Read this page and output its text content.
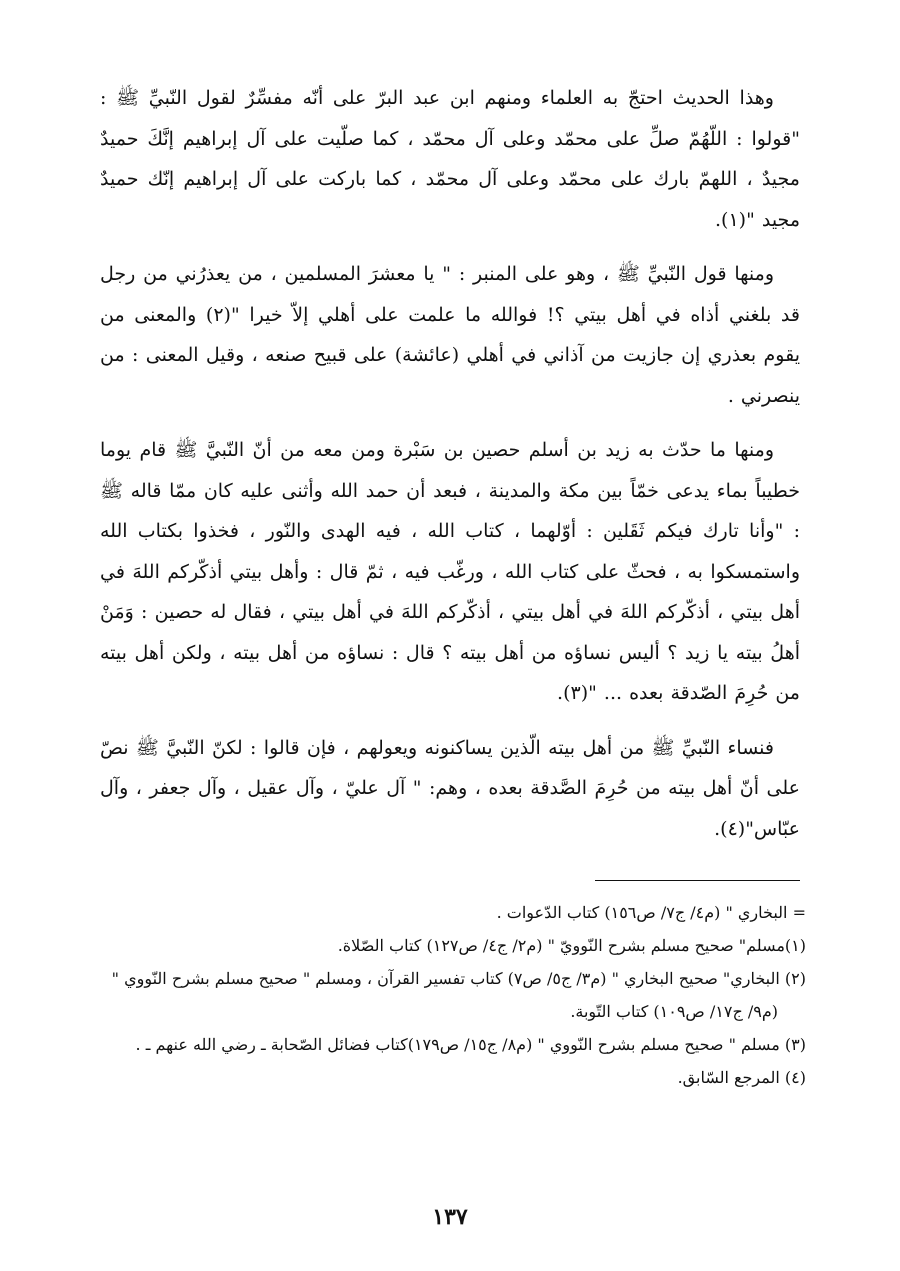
وهذا الحديث احتجّ به العلماء ومنهم ابن عبد البرّ على أنّه مفسِّرٌ لقول النّبيِّ ﷺ : "قولوا : اللّهُمّ صلِّ على محمّد وعلى آل محمّد ، كما صلّيت على آل إبراهيم إنَّكَ حميدٌ مجيدٌ ، اللهمّ بارك على محمّد وعلى آل محمّد ، كما باركت على آل إبراهيم إنّك حميدٌ مجيد "(١).

ومنها قول النّبيِّ ﷺ ، وهو على المنبر : " يا معشرَ المسلمين ، من يعذرُني من رجل قد بلغني أذاه في أهل بيتي ؟! فوالله ما علمت على أهلي إلاّ خيرا "(٢) والمعنى من يقوم بعذري إن جازيت من آذاني في أهلي (عائشة) على قبيح صنعه ، وقيل المعنى : من ينصرني .

ومنها ما حدّث به زيد بن أسلم حصين بن سَبْرة ومن معه من أنّ النّبيَّ ﷺ قام يوما خطيباً بماء يدعى خمّاً بين مكة والمدينة ، فبعد أن حمد الله وأثنى عليه كان ممّا قاله ﷺ : "وأنا تارك فيكم ثَقَلين : أوّلهما ، كتاب الله ، فيه الهدى والنّور ، فخذوا بكتاب الله واستمسكوا به ، فحثّ على كتاب الله ، ورغّب فيه ، ثمّ قال : وأهل بيتي أذكّركم اللهَ في أهل بيتي ، أذكّركم اللهَ في أهل بيتي ، أذكّركم اللهَ في أهل بيتي ، فقال له حصين : وَمَنْ أهلُ بيته يا زيد ؟ أليس نساؤه من أهل بيته ؟ قال : نساؤه من أهل بيته ، ولكن أهل بيته من حُرِمَ الصّدقة بعده ... "(٣).

فنساء النّبيِّ ﷺ من أهل بيته الّذين يساكنونه ويعولهم ، فإن قالوا : لكنّ النّبيَّ ﷺ نصّ على أنّ أهل بيته من حُرِمَ الصَّدقة بعده ، وهم: " آل عليّ ، وآل عقيل ، وآل جعفر ، وآل عبّاس"(٤).

= البخاري " (م٤/ ج٧/ ص١٥٦) كتاب الدّعوات .

(١)مسلم" صحيح مسلم بشرح النّوويّ " (م٢/ ج٤/ ص١٢٧) كتاب الصّلاة.

(٢) البخاري" صحيح البخاري " (م٣/ ج٥/ ص٧) كتاب تفسير القرآن ، ومسلم " صحيح مسلم بشرح النّووي " (م٩/ ج١٧/ ص١٠٩) كتاب التّوبة.

(٣) مسلم " صحيح مسلم بشرح النّووي " (م٨/ ج١٥/ ص١٧٩)كتاب فضائل الصّحابة ـ رضي الله عنهم ـ .

(٤) المرجع السّابق.

١٣٧
